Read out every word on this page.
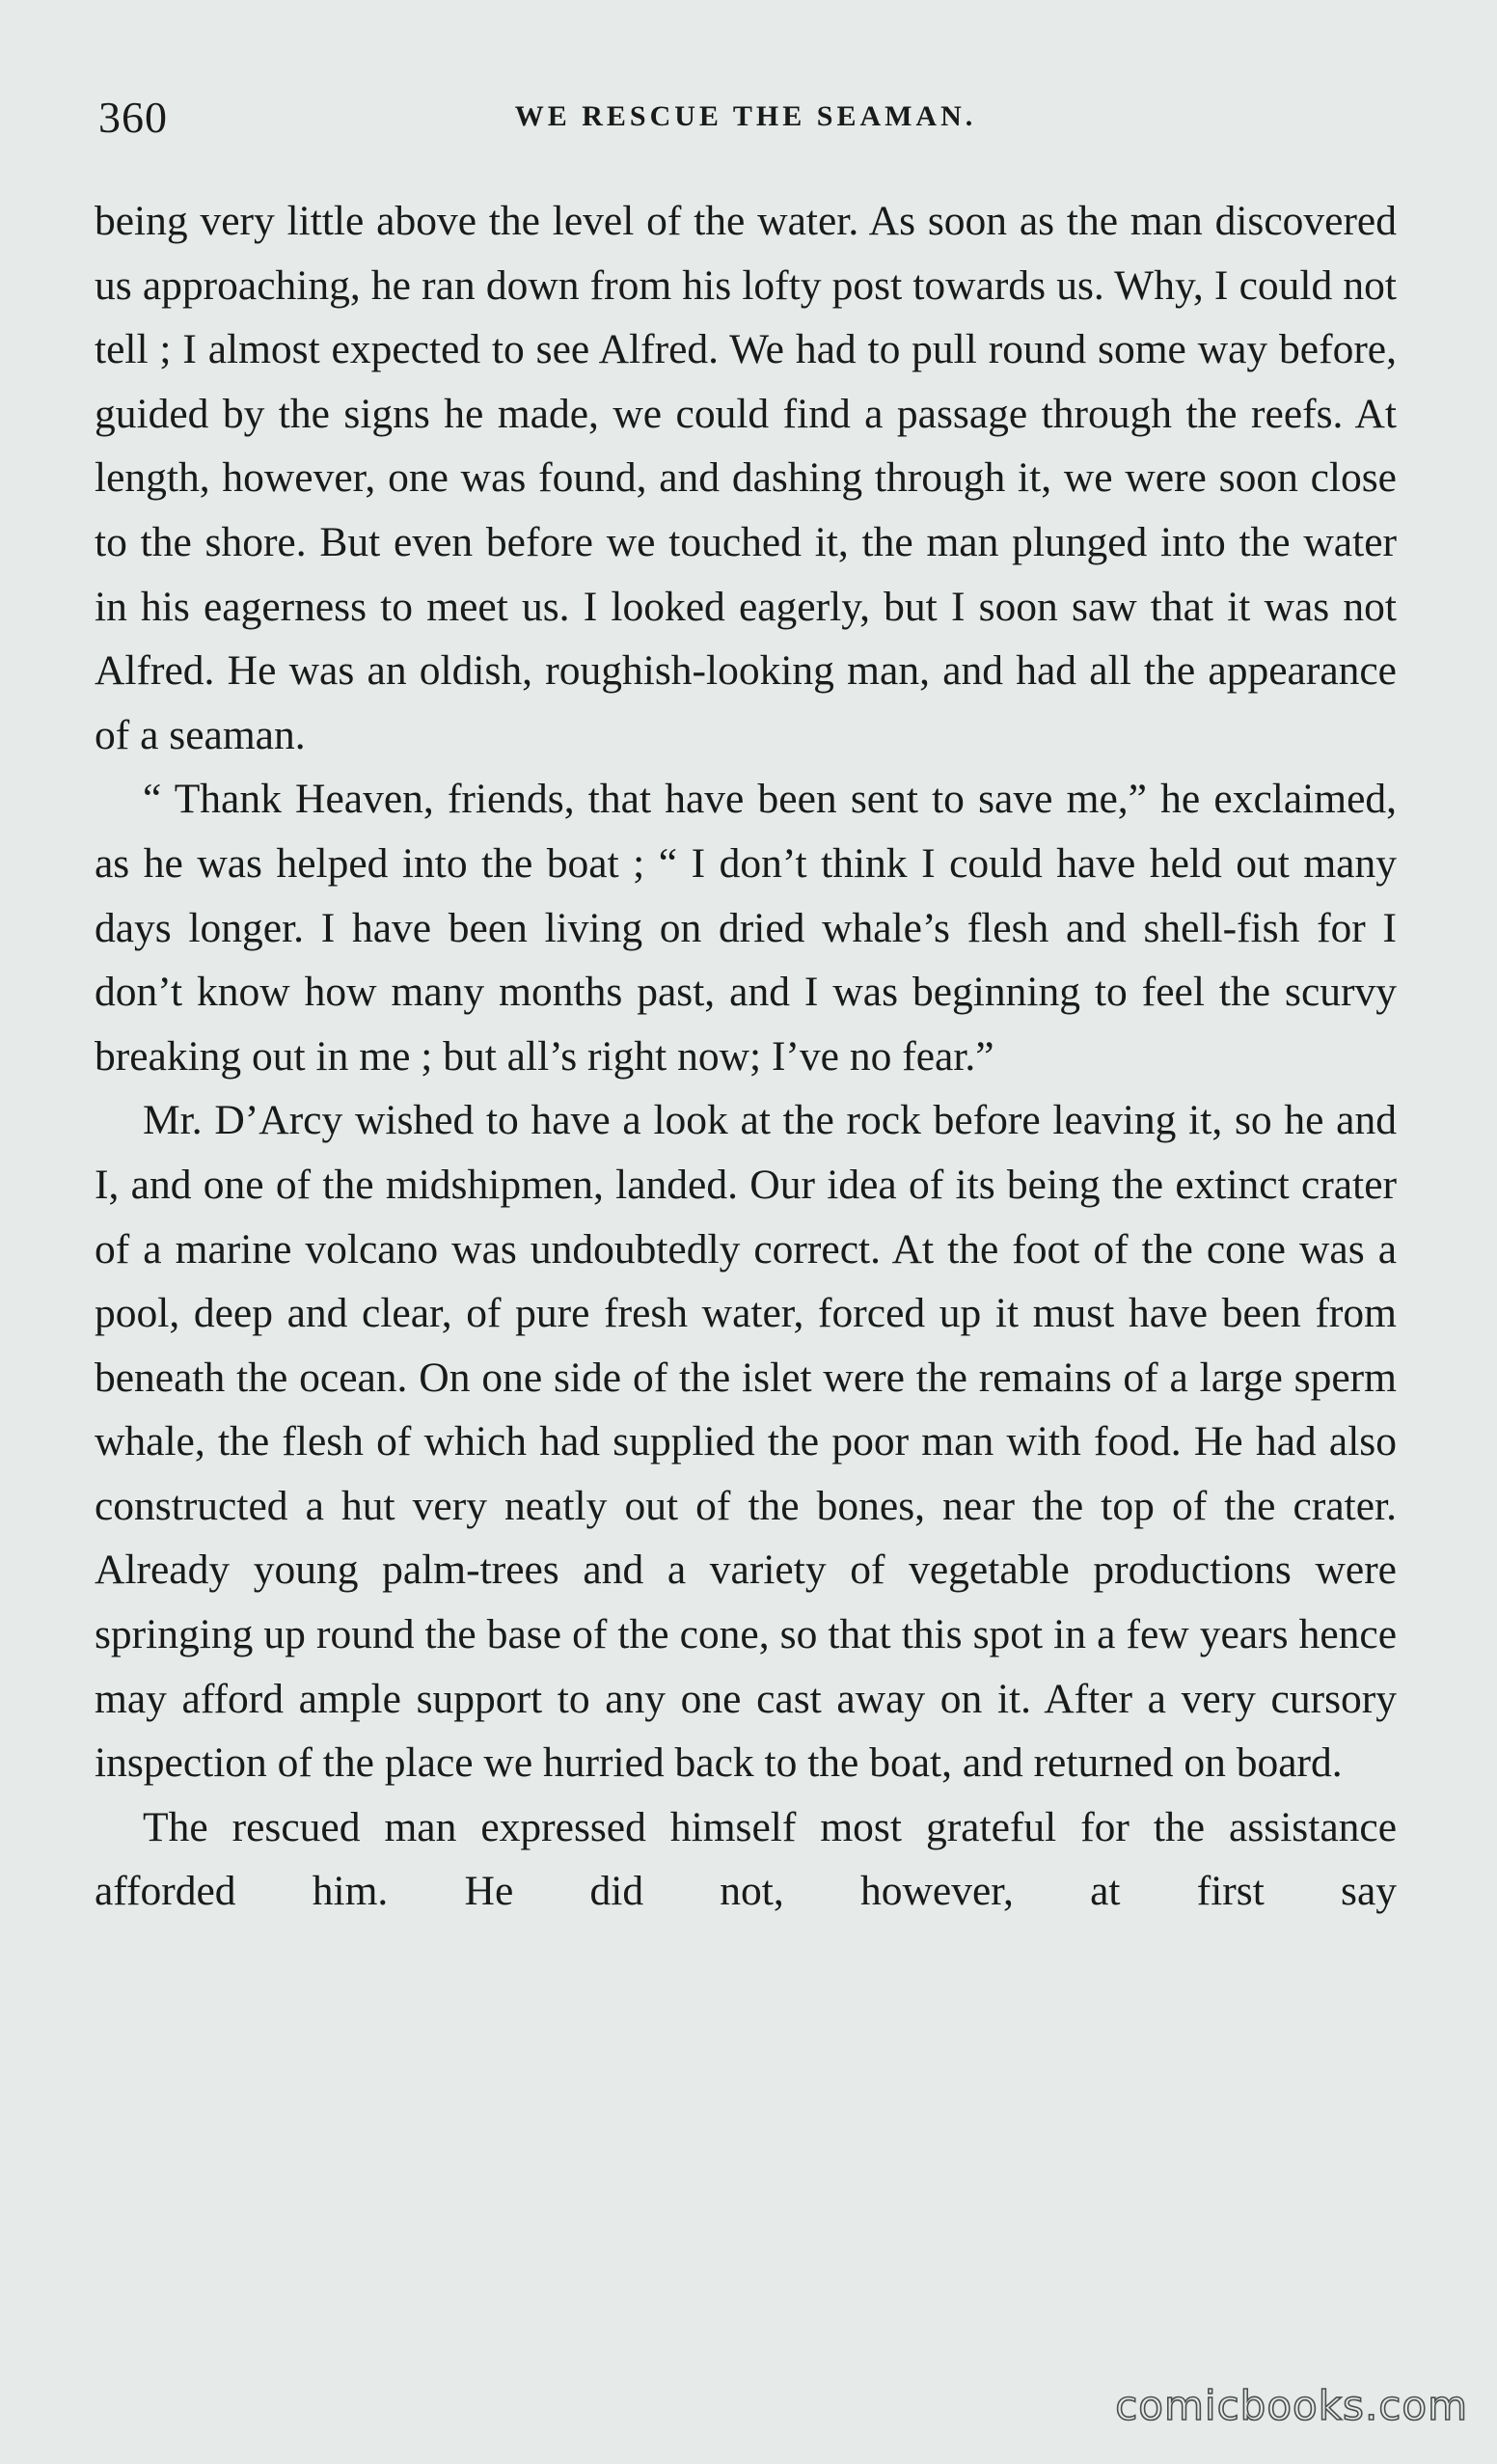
360	WE RESCUE THE SEAMAN.

being very little above the level of the water. As soon as the man discovered us approaching, he ran down from his lofty post towards us. Why, I could not tell ; I almost expected to see Alfred. We had to pull round some way before, guided by the signs he made, we could find a passage through the reefs. At length, however, one was found, and dashing through it, we were soon close to the shore. But even before we touched it, the man plunged into the water in his eagerness to meet us. I looked eagerly, but I soon saw that it was not Alfred. He was an oldish, roughish-looking man, and had all the appearance of a seaman.

“ Thank Heaven, friends, that have been sent to save me,” he exclaimed, as he was helped into the boat ; “ I don’t think I could have held out many days longer. I have been living on dried whale’s flesh and shell-fish for I don’t know how many months past, and I was beginning to feel the scurvy breaking out in me ; but all’s right now; I’ve no fear.”

Mr. D’Arcy wished to have a look at the rock before leaving it, so he and I, and one of the midshipmen, landed. Our idea of its being the extinct crater of a marine volcano was undoubtedly correct. At the foot of the cone was a pool, deep and clear, of pure fresh water, forced up it must have been from beneath the ocean. On one side of the islet were the remains of a large sperm whale, the flesh of which had supplied the poor man with food. He had also constructed a hut very neatly out of the bones, near the top of the crater. Already young palm-trees and a variety of vegetable productions were springing up round the base of the cone, so that this spot in a few years hence may afford ample support to any one cast away on it. After a very cursory inspection of the place we hurried back to the boat, and returned on board.

The rescued man expressed himself most grateful for the assistance afforded him. He did not, however, at first say

comicbooks.com
